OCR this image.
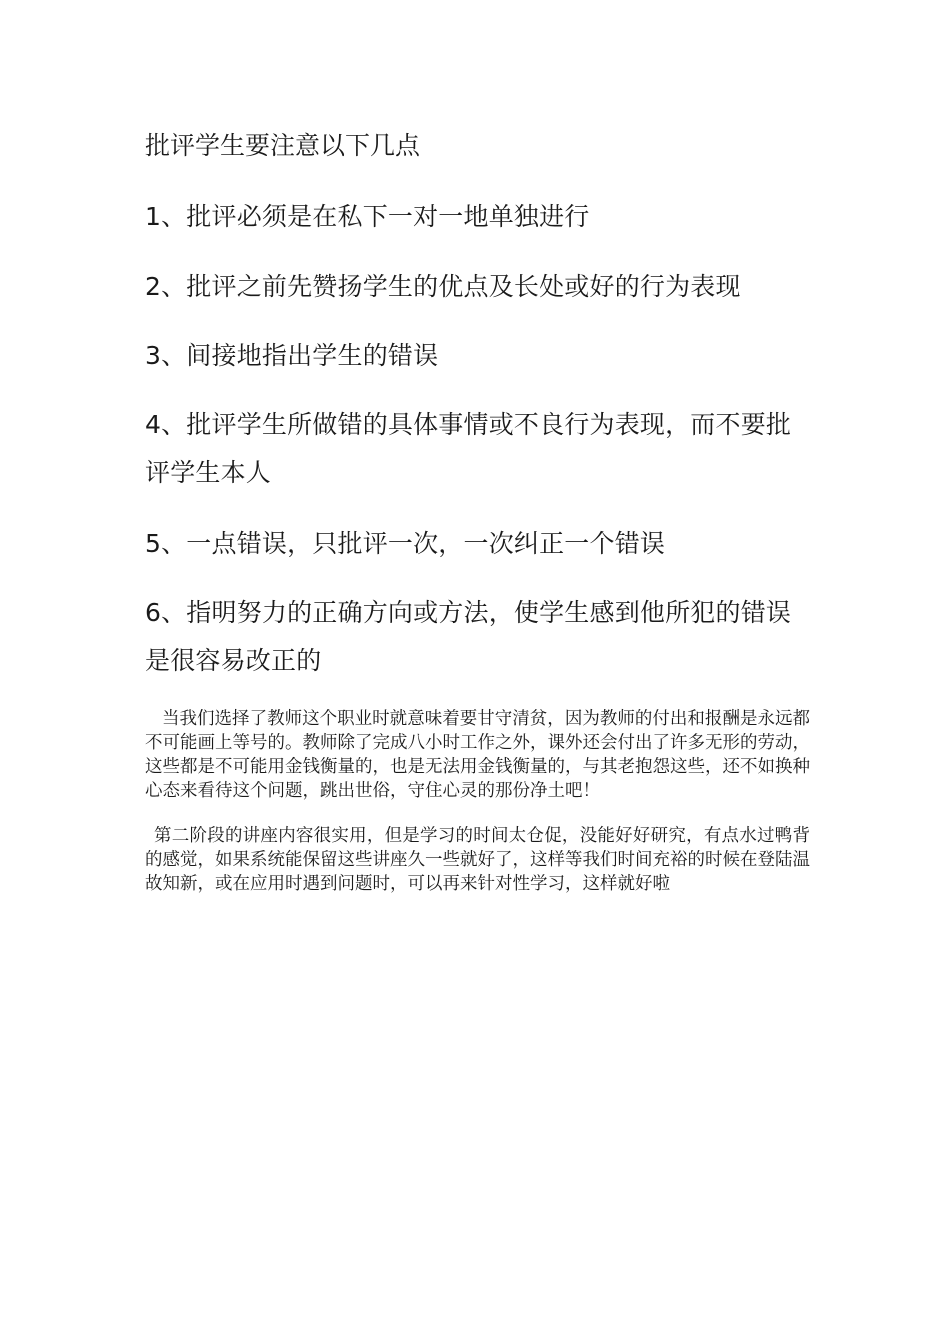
批评学生要注意以下几点
1、批评必须是在私下一对一地单独进行
2、批评之前先赞扬学生的优点及长处或好的行为表现
3、间接地指出学生的错误
4、批评学生所做错的具体事情或不良行为表现，而不要批评学生本人
5、一点错误，只批评一次，一次纠正一个错误
6、指明努力的正确方向或方法，使学生感到他所犯的错误是很容易改正的
当我们选择了教师这个职业时就意味着要甘守清贫，因为教师的付出和报酬是永远都不可能画上等号的。教师除了完成八小时工作之外，课外还会付出了许多无形的劳动，这些都是不可能用金钱衡量的，也是无法用金钱衡量的，与其老抱怨这些，还不如换种心态来看待这个问题，跳出世俗，守住心灵的那份净土吧！
第二阶段的讲座内容很实用，但是学习的时间太仓促，没能好好研究，有点水过鸭背的感觉，如果系统能保留这些讲座久一些就好了，这样等我们时间充裕的时候在登陆温故知新，或在应用时遇到问题时，可以再来针对性学习，这样就好啦
